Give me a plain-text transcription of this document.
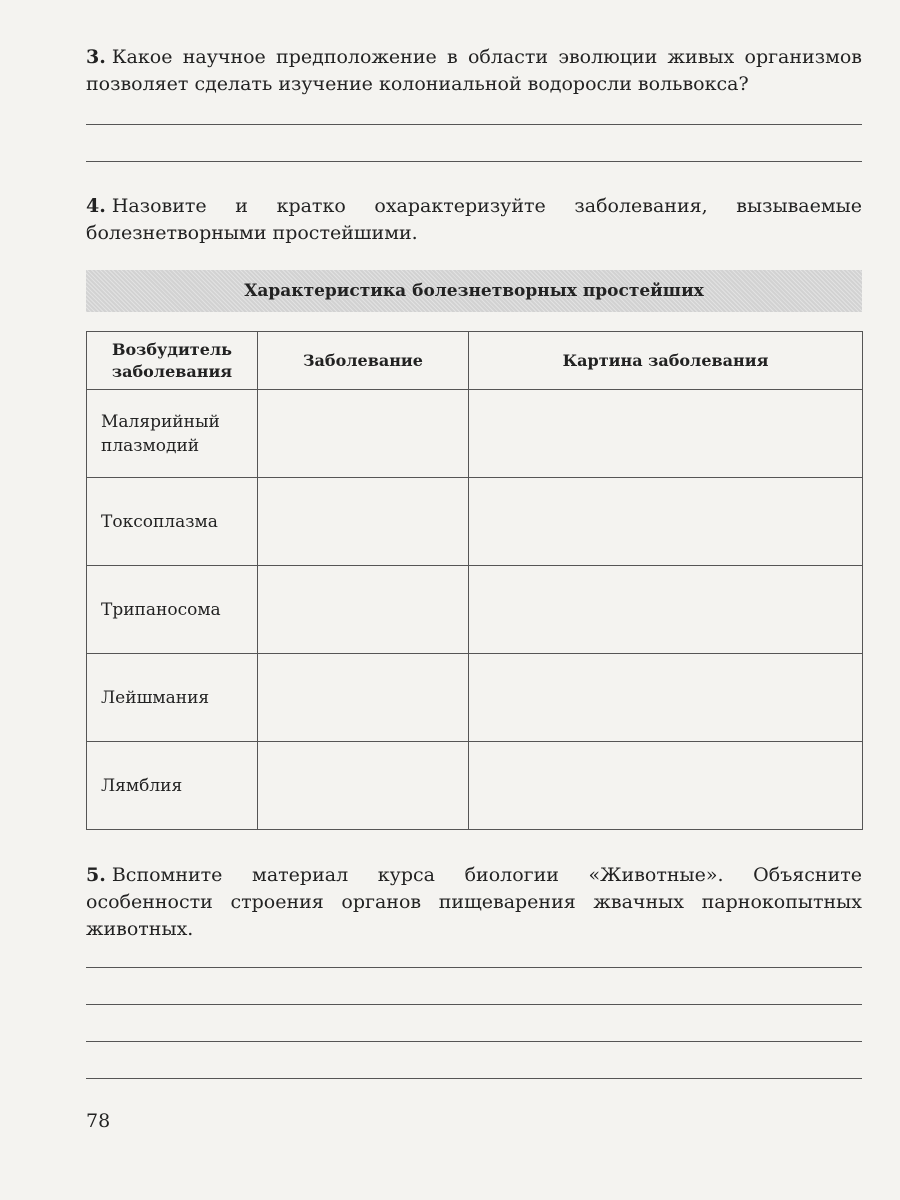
3. Какое научное предположение в области эволюции живых организмов позволяет сделать изучение колониальной водоросли вольвокса?
4. Назовите и кратко охарактеризуйте заболевания, вызываемые болезнетворными простейшими.
Характеристика болезнетворных простейших
Возбудитель заболевания	Заболевание	Картина заболевания
Малярийный плазмодий		
Токсоплазма		
Трипаносома		
Лейшмания		
Лямблия		
5. Вспомните материал курса биологии «Животные». Объясните особенности строения органов пищеварения жвачных парнокопытных животных.
78
